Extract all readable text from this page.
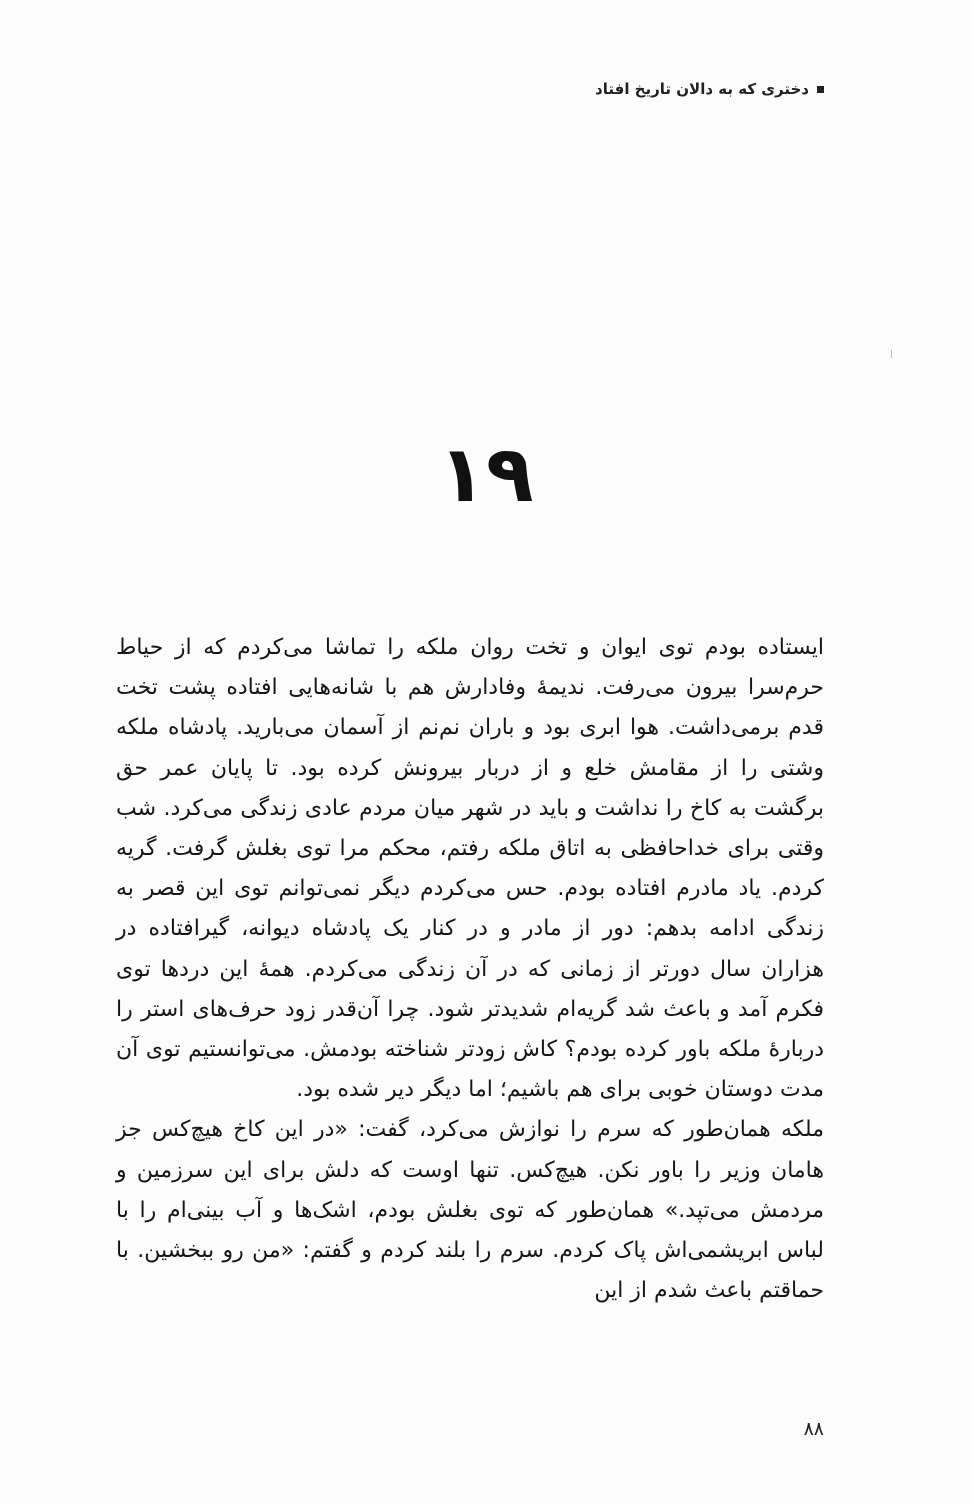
دختری که به دالان تاریخ افتاد
۱۹

ایستاده بودم توی ایوان و تخت روان ملکه را تماشا می‌کردم که از حیاط حرم‌سرا بیرون می‌رفت. ندیمهٔ وفادارش هم با شانه‌هایی افتاده پشت تخت قدم برمی‌داشت. هوا ابری بود و باران نم‌نم از آسمان می‌بارید. پادشاه ملکه وشتی را از مقامش خلع و از دربار بیرونش کرده بود. تا پایان عمر حق برگشت به کاخ را نداشت و باید در شهر میان مردم عادی زندگی می‌کرد. شب وقتی برای خداحافظی به اتاق ملکه رفتم، محکم مرا توی بغلش گرفت. گریه کردم. یاد مادرم افتاده بودم. حس می‌کردم دیگر نمی‌توانم توی این قصر به زندگی ادامه بدهم: دور از مادر و در کنار یک پادشاه دیوانه، گیرافتاده در هزاران سال دورتر از زمانی که در آن زندگی می‌کردم. همهٔ این دردها توی فکرم آمد و باعث شد گریه‌ام شدیدتر شود. چرا آن‌قدر زود حرف‌های استر را دربارهٔ ملکه باور کرده بودم؟ کاش زودتر شناخته بودمش. می‌توانستیم توی آن مدت دوستان خوبی برای هم باشیم؛ اما دیگر دیر شده بود.

ملکه همان‌طور که سرم را نوازش می‌کرد، گفت: «در این کاخ هیچ‌کس جز هامان وزیر را باور نکن. هیچ‌کس. تنها اوست که دلش برای این سرزمین و مردمش می‌تپد.» همان‌طور که توی بغلش بودم، اشک‌ها و آب بینی‌ام را با لباس ابریشمی‌اش پاک کردم. سرم را بلند کردم و گفتم: «من رو ببخشین. با حماقتم باعث شدم از این

۸۸
